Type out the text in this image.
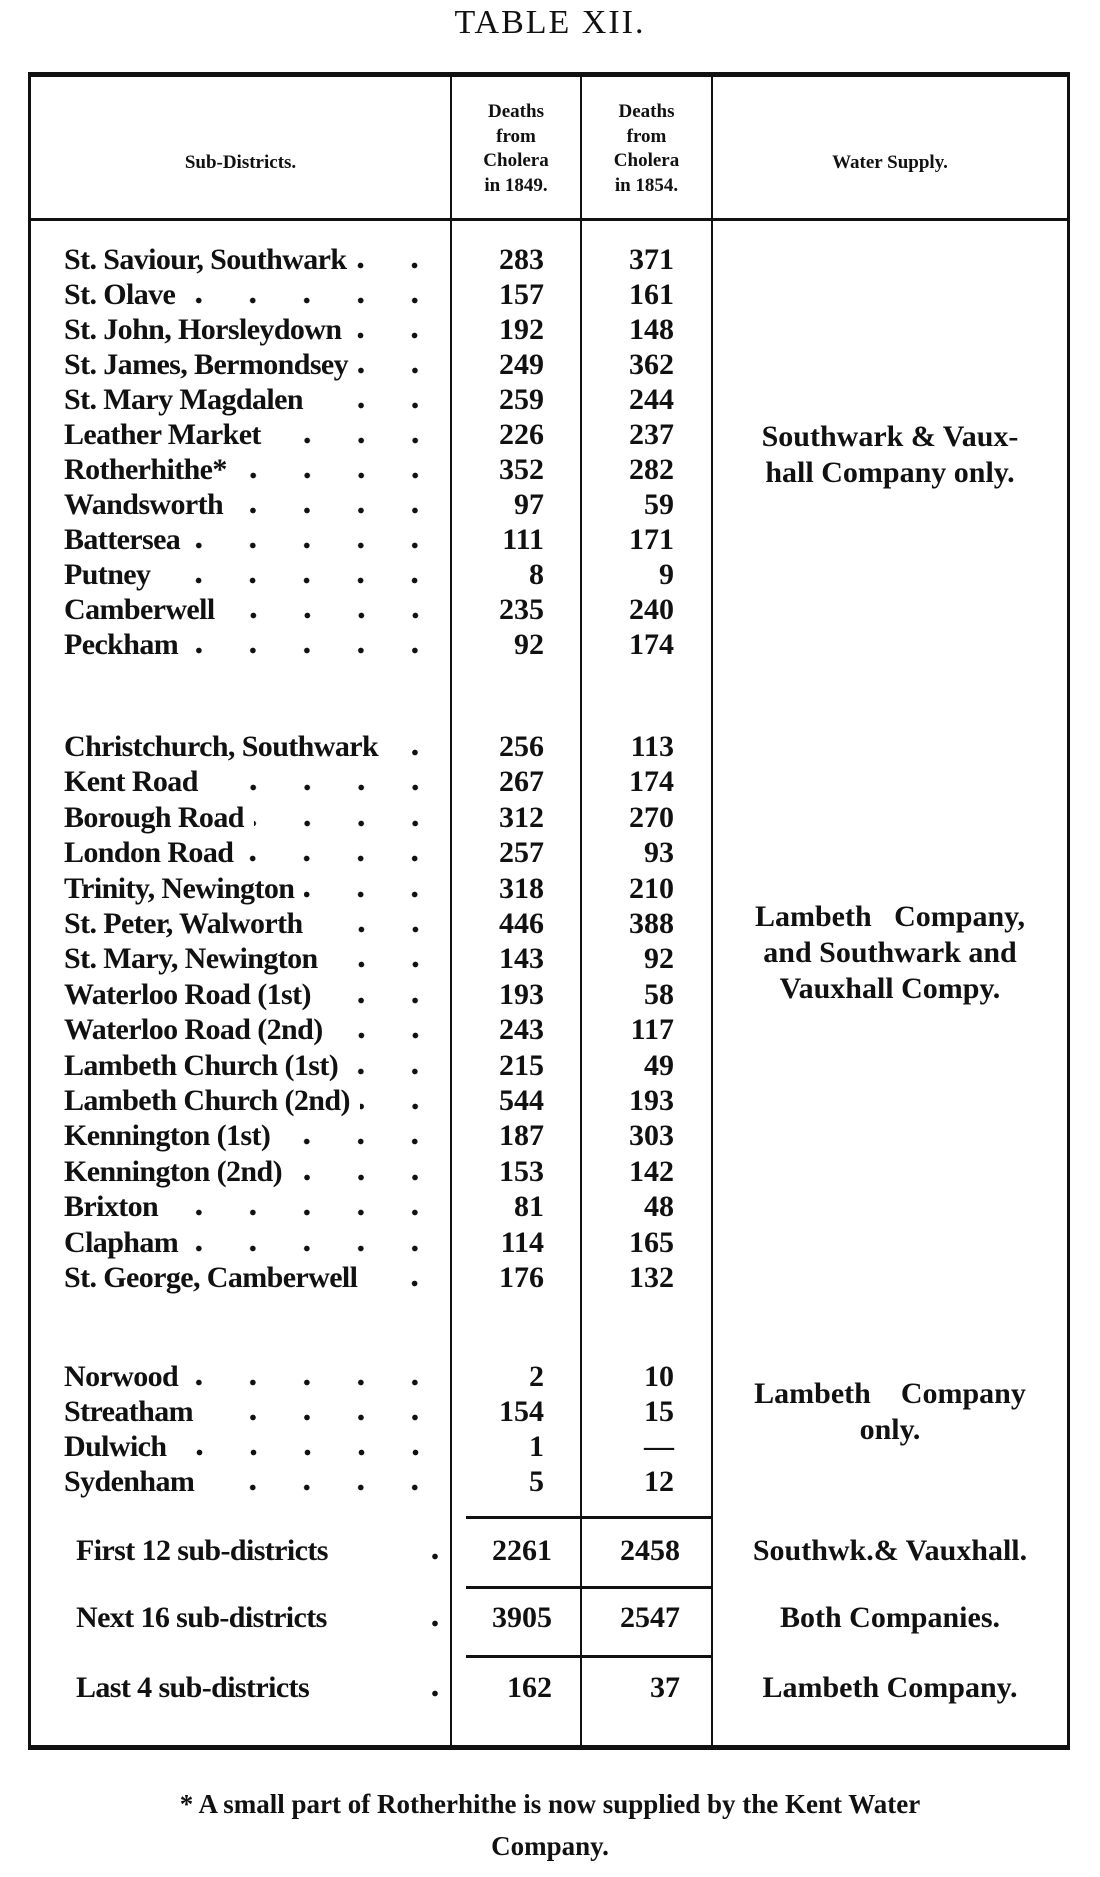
TABLE XII.
Sub-Districts.
Deaths
from
Cholera
in 1849.
Deaths
from
Cholera
in 1854.
Water Supply.
St. Saviour, Southwark	283	371
St. Olave	157	161
St. John, Horsleydown	192	148
St. James, Bermondsey	249	362
St. Mary Magdalen	259	244
Leather Market	226	237
Rotherhithe*	352	282
Wandsworth	97	59
Battersea	111	171
Putney	8	9
Camberwell	235	240
Peckham	92	174
Southwark & Vaux-
hall Company only.
Christchurch, Southwark	256	113
Kent Road	267	174
Borough Road	312	270
London Road	257	93
Trinity, Newington	318	210
St. Peter, Walworth	446	388
St. Mary, Newington	143	92
Waterloo Road (1st)	193	58
Waterloo Road (2nd)	243	117
Lambeth Church (1st)	215	49
Lambeth Church (2nd)	544	193
Kennington (1st)	187	303
Kennington (2nd)	153	142
Brixton	81	48
Clapham	114	165
St. George, Camberwell	176	132
Lambeth   Company,
and Southwark and
Vauxhall Compy.
Norwood	2	10
Streatham	154	15
Dulwich	1	—
Sydenham	5	12
Lambeth    Company
only.
First 12 sub-districts	2261	2458	Southwk.& Vauxhall.
Next 16 sub-districts	3905	2547	Both Companies.
Last 4 sub-districts	162	37	Lambeth Company.
* A small part of Rotherhithe is now supplied by the Kent Water
Company.
